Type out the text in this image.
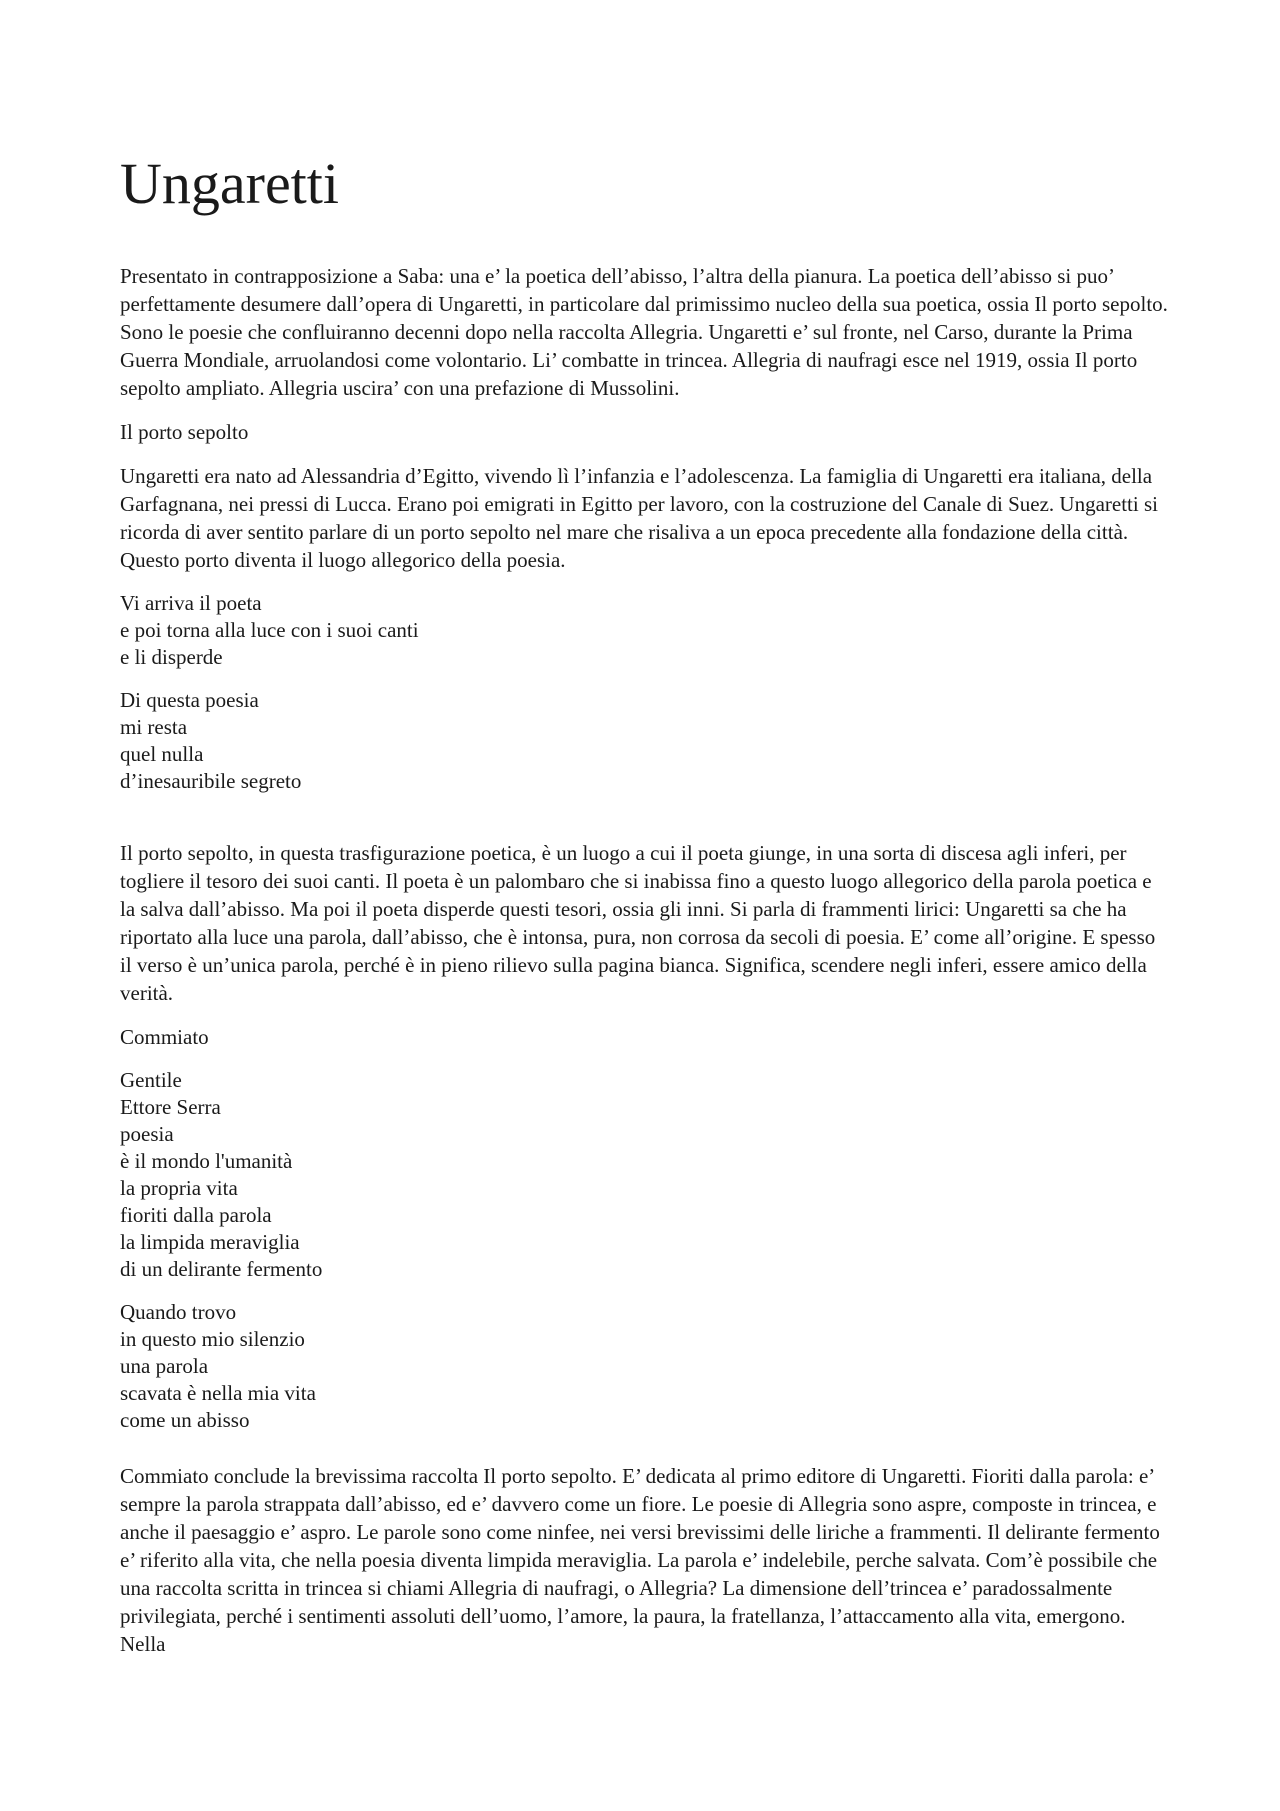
Ungaretti

Presentato in contrapposizione a Saba: una e’ la poetica dell’abisso, l’altra della pianura. La poetica dell’abisso si puo’ perfettamente desumere dall’opera di Ungaretti, in particolare dal primissimo nucleo della sua poetica, ossia Il porto sepolto. Sono le poesie che confluiranno decenni dopo nella raccolta Allegria. Ungaretti e’ sul fronte, nel Carso, durante la Prima Guerra Mondiale, arruolandosi come volontario. Li’ combatte in trincea. Allegria di naufragi esce nel 1919, ossia Il porto sepolto ampliato. Allegria uscira’ con una prefazione di Mussolini.

Il porto sepolto

Ungaretti era nato ad Alessandria d’Egitto, vivendo lì l’infanzia e l’adolescenza. La famiglia di Ungaretti era italiana, della Garfagnana, nei pressi di Lucca. Erano poi emigrati in Egitto per lavoro, con la costruzione del Canale di Suez. Ungaretti si ricorda di aver sentito parlare di un porto sepolto nel mare che risaliva a un epoca precedente alla fondazione della città. Questo porto diventa il luogo allegorico della poesia.

Vi arriva il poeta
e poi torna alla luce con i suoi canti
e li disperde
Di questa poesia
mi resta
quel nulla
d’inesauribile segreto

Il porto sepolto, in questa trasfigurazione poetica, è un luogo a cui il poeta giunge, in una sorta di discesa agli inferi, per togliere il tesoro dei suoi canti. Il poeta è un palombaro che si inabissa fino a questo luogo allegorico della parola poetica e la salva dall’abisso. Ma poi il poeta disperde questi tesori, ossia gli inni. Si parla di frammenti lirici: Ungaretti sa che ha riportato alla luce una parola, dall’abisso, che è intonsa, pura, non corrosa da secoli di poesia. E’ come all’origine. E spesso il verso è un’unica parola, perché è in pieno rilievo sulla pagina bianca. Significa, scendere negli inferi, essere amico della verità.

Commiato

Gentile
Ettore Serra
poesia
è il mondo l'umanità
la propria vita
fioriti dalla parola
la limpida meraviglia
di un delirante fermento
Quando trovo
in questo mio silenzio
una parola
scavata è nella mia vita
come un abisso

Commiato conclude la brevissima raccolta Il porto sepolto. E’ dedicata al primo editore di Ungaretti. Fioriti dalla parola: e’ sempre la parola strappata dall’abisso, ed e’ davvero come un fiore. Le poesie di Allegria sono aspre, composte in trincea, e anche il paesaggio e’ aspro. Le parole sono come ninfee, nei versi brevissimi delle liriche a frammenti. Il delirante fermento e’ riferito alla vita, che nella poesia diventa limpida meraviglia. La parola e’ indelebile, perche salvata. Com’è possibile che una raccolta scritta in trincea si chiami Allegria di naufragi, o Allegria? La dimensione dell’trincea e’ paradossalmente privilegiata, perché i sentimenti assoluti dell’uomo, l’amore, la paura, la fratellanza, l’attaccamento alla vita, emergono. Nella
